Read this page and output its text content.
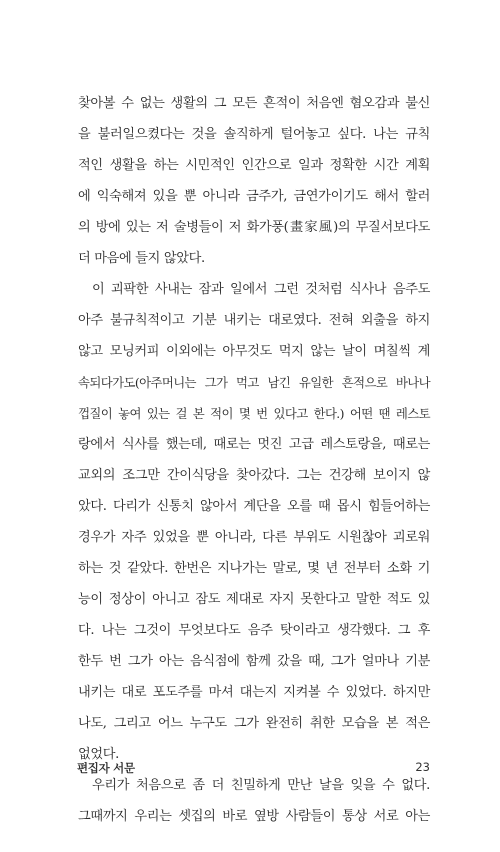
찾아볼 수 없는 생활의 그 모든 흔적이 처음엔 혐오감과 불신
을 불러일으켰다는 것을 솔직하게 털어놓고 싶다. 나는 규칙
적인 생활을 하는 시민적인 인간으로 일과 정확한 시간 계획
에 익숙해져 있을 뿐 아니라 금주가, 금연가이기도 해서 할러
의 방에 있는 저 술병들이 저 화가풍(畫家風)의 무질서보다도
더 마음에 들지 않았다.
이 괴팍한 사내는 잠과 일에서 그런 것처럼 식사나 음주도
아주 불규칙적이고 기분 내키는 대로였다. 전혀 외출을 하지
않고 모닝커피 이외에는 아무것도 먹지 않는 날이 며칠씩 계
속되다가도(아주머니는 그가 먹고 남긴 유일한 흔적으로 바나나
껍질이 놓여 있는 걸 본 적이 몇 번 있다고 한다.) 어떤 땐 레스토
랑에서 식사를 했는데, 때로는 멋진 고급 레스토랑을, 때로는
교외의 조그만 간이식당을 찾아갔다. 그는 건강해 보이지 않
았다. 다리가 신통치 않아서 계단을 오를 때 몹시 힘들어하는
경우가 자주 있었을 뿐 아니라, 다른 부위도 시원찮아 괴로워
하는 것 같았다. 한번은 지나가는 말로, 몇 년 전부터 소화 기
능이 정상이 아니고 잠도 제대로 자지 못한다고 말한 적도 있
다. 나는 그것이 무엇보다도 음주 탓이라고 생각했다. 그 후
한두 번 그가 아는 음식점에 함께 갔을 때, 그가 얼마나 기분
내키는 대로 포도주를 마셔 대는지 지켜볼 수 있었다. 하지만
나도, 그리고 어느 누구도 그가 완전히 취한 모습을 본 적은
없었다.
우리가 처음으로 좀 더 친밀하게 만난 날을 잊을 수 없다.
그때까지 우리는 셋집의 바로 옆방 사람들이 통상 서로 아는
편집자 서문	23
